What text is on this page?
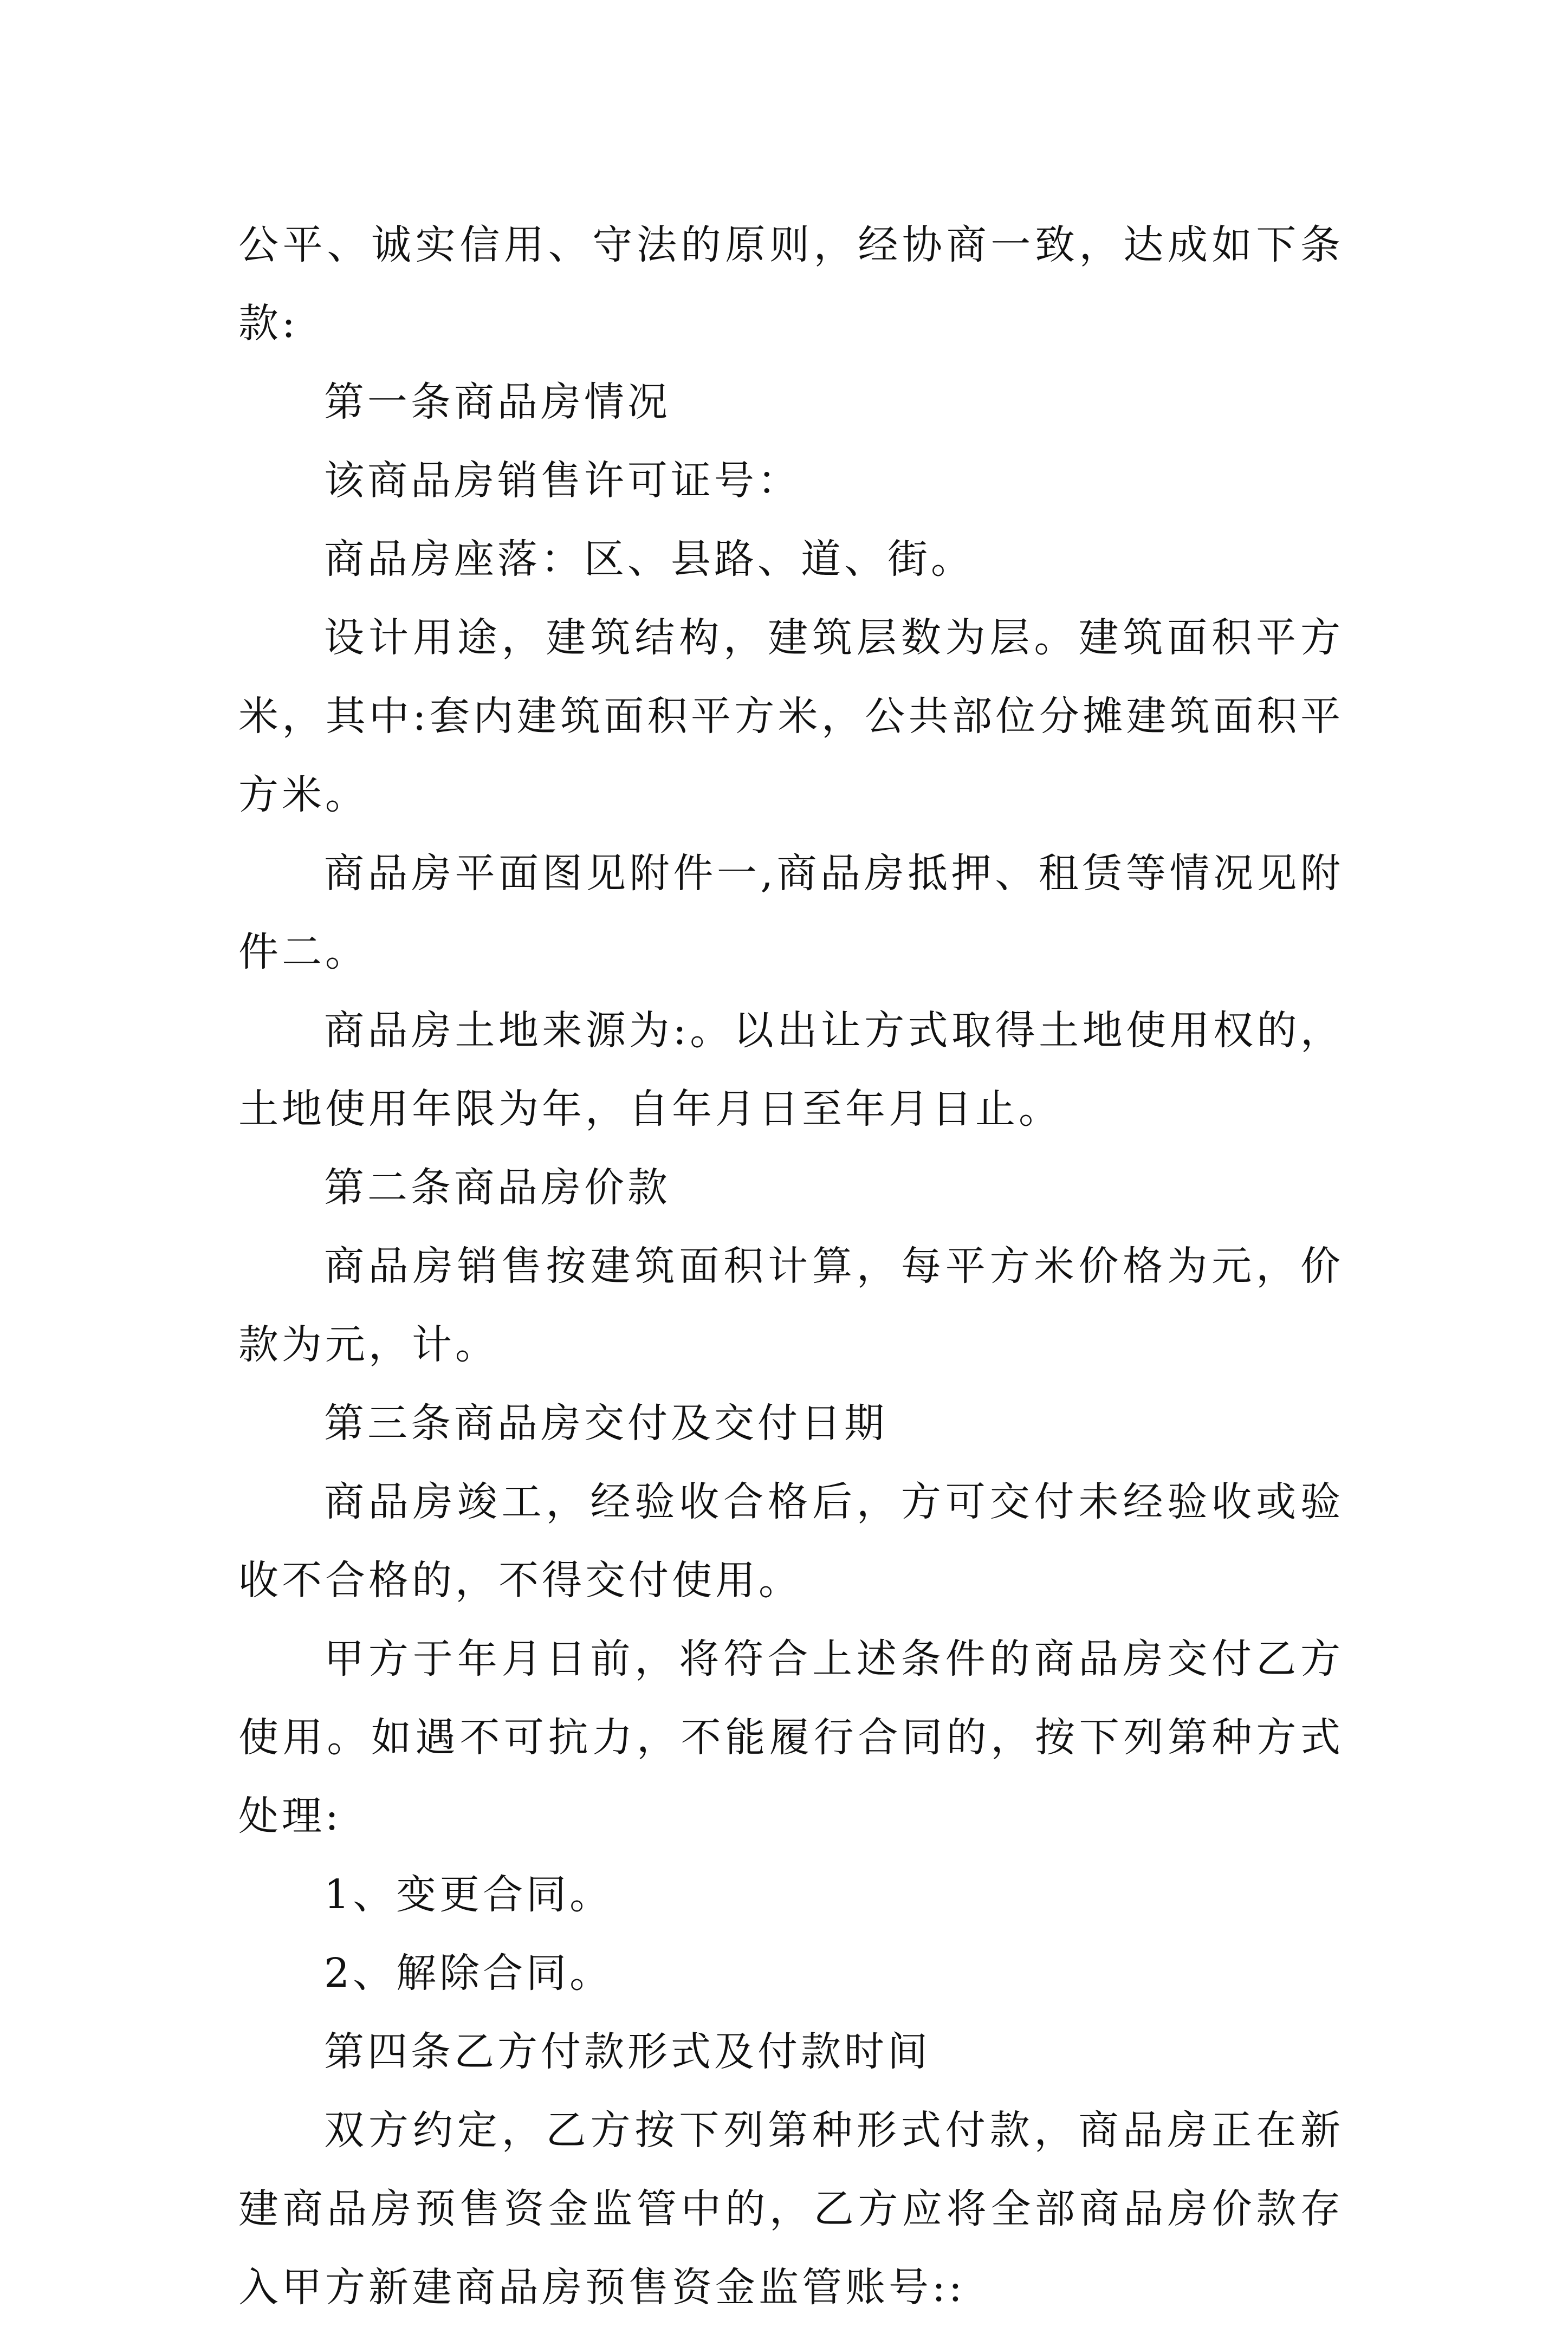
公平、诚实信用、守法的原则，经协商一致，达成如下条款:

第一条商品房情况

该商品房销售许可证号：

商品房座落：区、县路、道、街。

设计用途，建筑结构，建筑层数为层。建筑面积平方米，其中:套内建筑面积平方米，公共部位分摊建筑面积平方米。

商品房平面图见附件一,商品房抵押、租赁等情况见附件二。

商品房土地来源为:。以出让方式取得土地使用权的，土地使用年限为年，自年月日至年月日止。

第二条商品房价款

商品房销售按建筑面积计算，每平方米价格为元，价款为元，计。

第三条商品房交付及交付日期

商品房竣工，经验收合格后，方可交付未经验收或验收不合格的，不得交付使用。

甲方于年月日前，将符合上述条件的商品房交付乙方使用。如遇不可抗力，不能履行合同的，按下列第种方式处理:

1、变更合同。

2、解除合同。

第四条乙方付款形式及付款时间

双方约定，乙方按下列第种形式付款，商品房正在新建商品房预售资金监管中的，乙方应将全部商品房价款存入甲方新建商品房预售资金监管账号::
